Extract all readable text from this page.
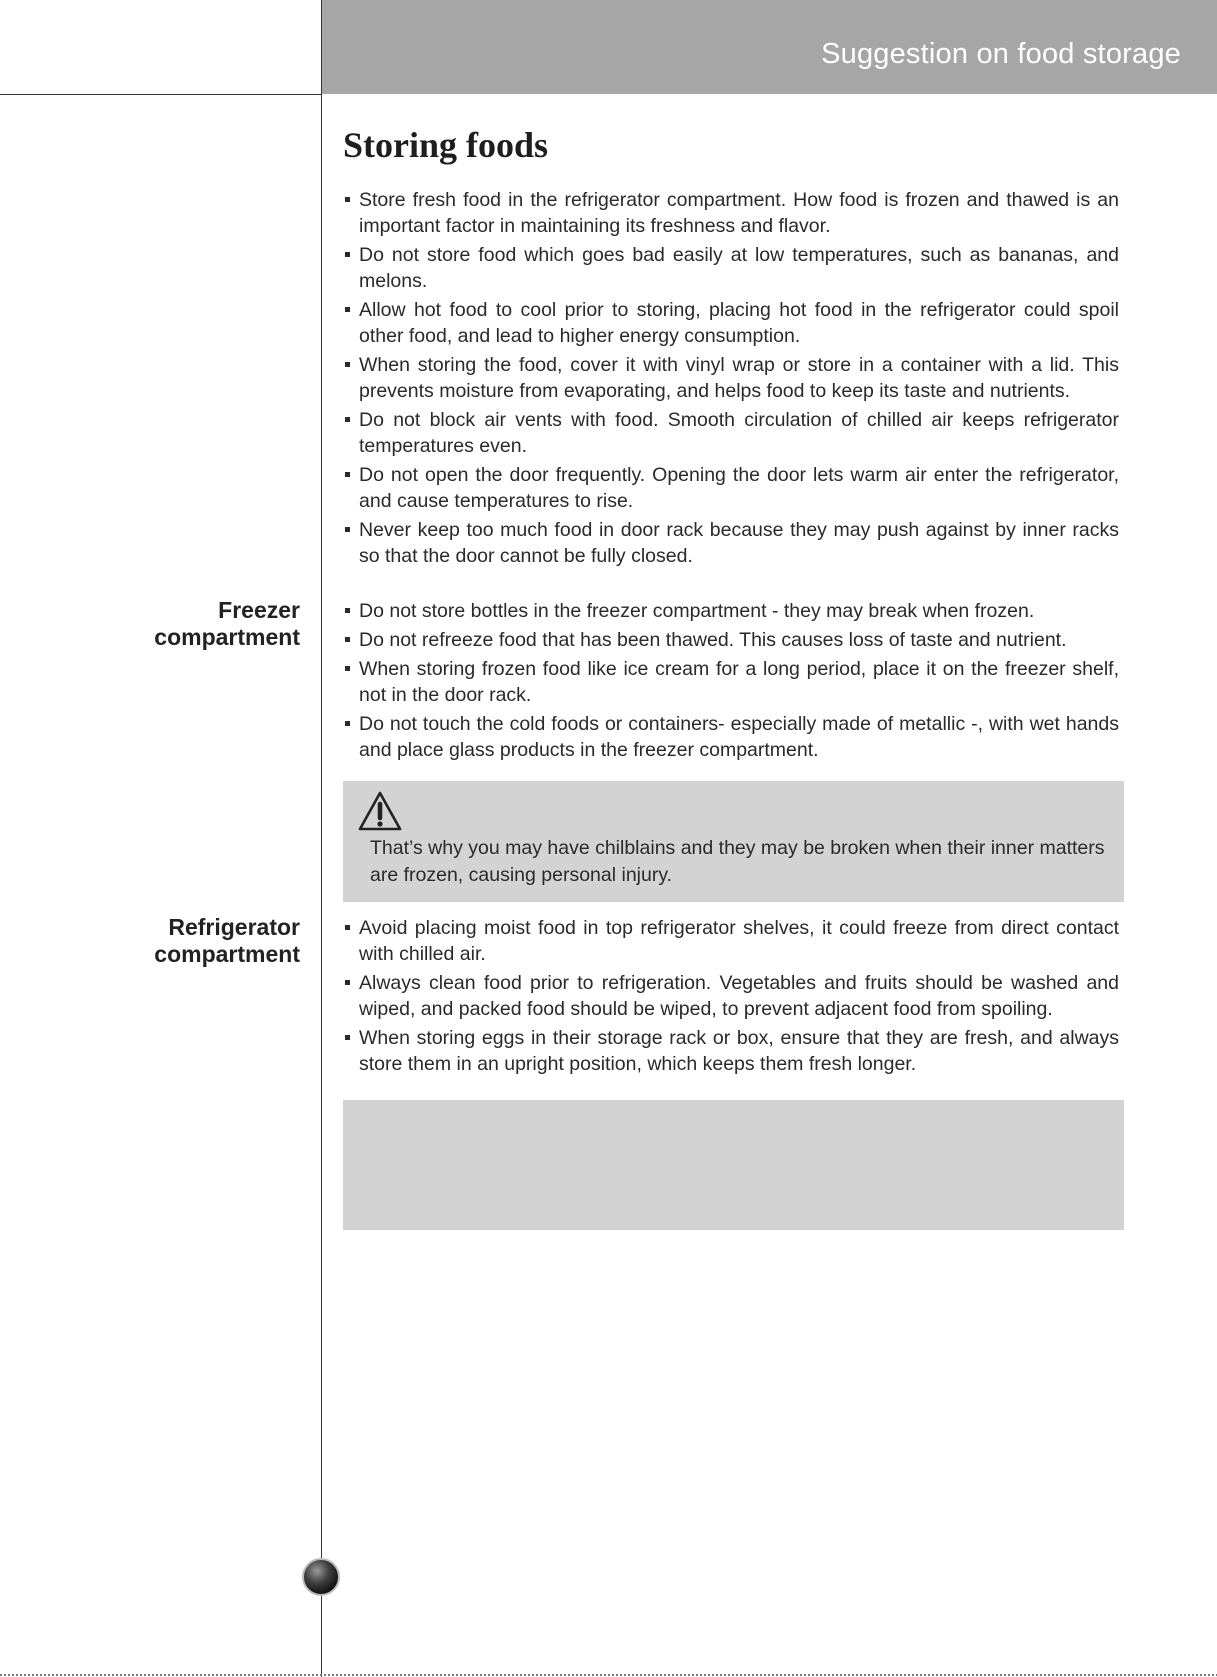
Suggestion on food storage
Storing foods
Store fresh food in the refrigerator compartment. How food is frozen and thawed is an important factor in maintaining its freshness and flavor.
Do not store food which goes bad easily at low temperatures, such as bananas, and melons.
Allow hot food to cool prior to storing, placing hot food in the refrigerator could spoil other food, and lead to higher energy consumption.
When storing the food, cover it with vinyl wrap or store in a container with a lid. This prevents moisture from evaporating, and helps food to keep its taste and nutrients.
Do not block air vents with food. Smooth circulation of chilled air keeps refrigerator temperatures even.
Do not open the door frequently. Opening the door lets warm air enter the refrigerator, and cause temperatures to rise.
Never keep too much food in door rack because they may push against by inner racks so that the door cannot be fully closed.
Freezer
compartment
Do not store bottles in the freezer compartment - they may break when frozen.
Do not refreeze food that has been thawed. This causes loss of taste and nutrient.
When storing frozen food like ice cream for a long period, place it on the freezer shelf, not in the door rack.
Do not touch the cold foods or containers- especially made of metallic -, with wet hands and place glass products in the freezer compartment.
That’s why you may have chilblains and they may be broken when their inner matters are frozen, causing personal injury.
Refrigerator
compartment
Avoid placing moist food in top refrigerator shelves, it could freeze from direct contact with chilled air.
Always clean food prior to refrigeration. Vegetables and fruits should be washed and wiped, and packed food should be wiped, to prevent adjacent food from spoiling.
When storing eggs in their storage rack or box, ensure that they are fresh, and always store them in an upright position, which keeps them fresh longer.
